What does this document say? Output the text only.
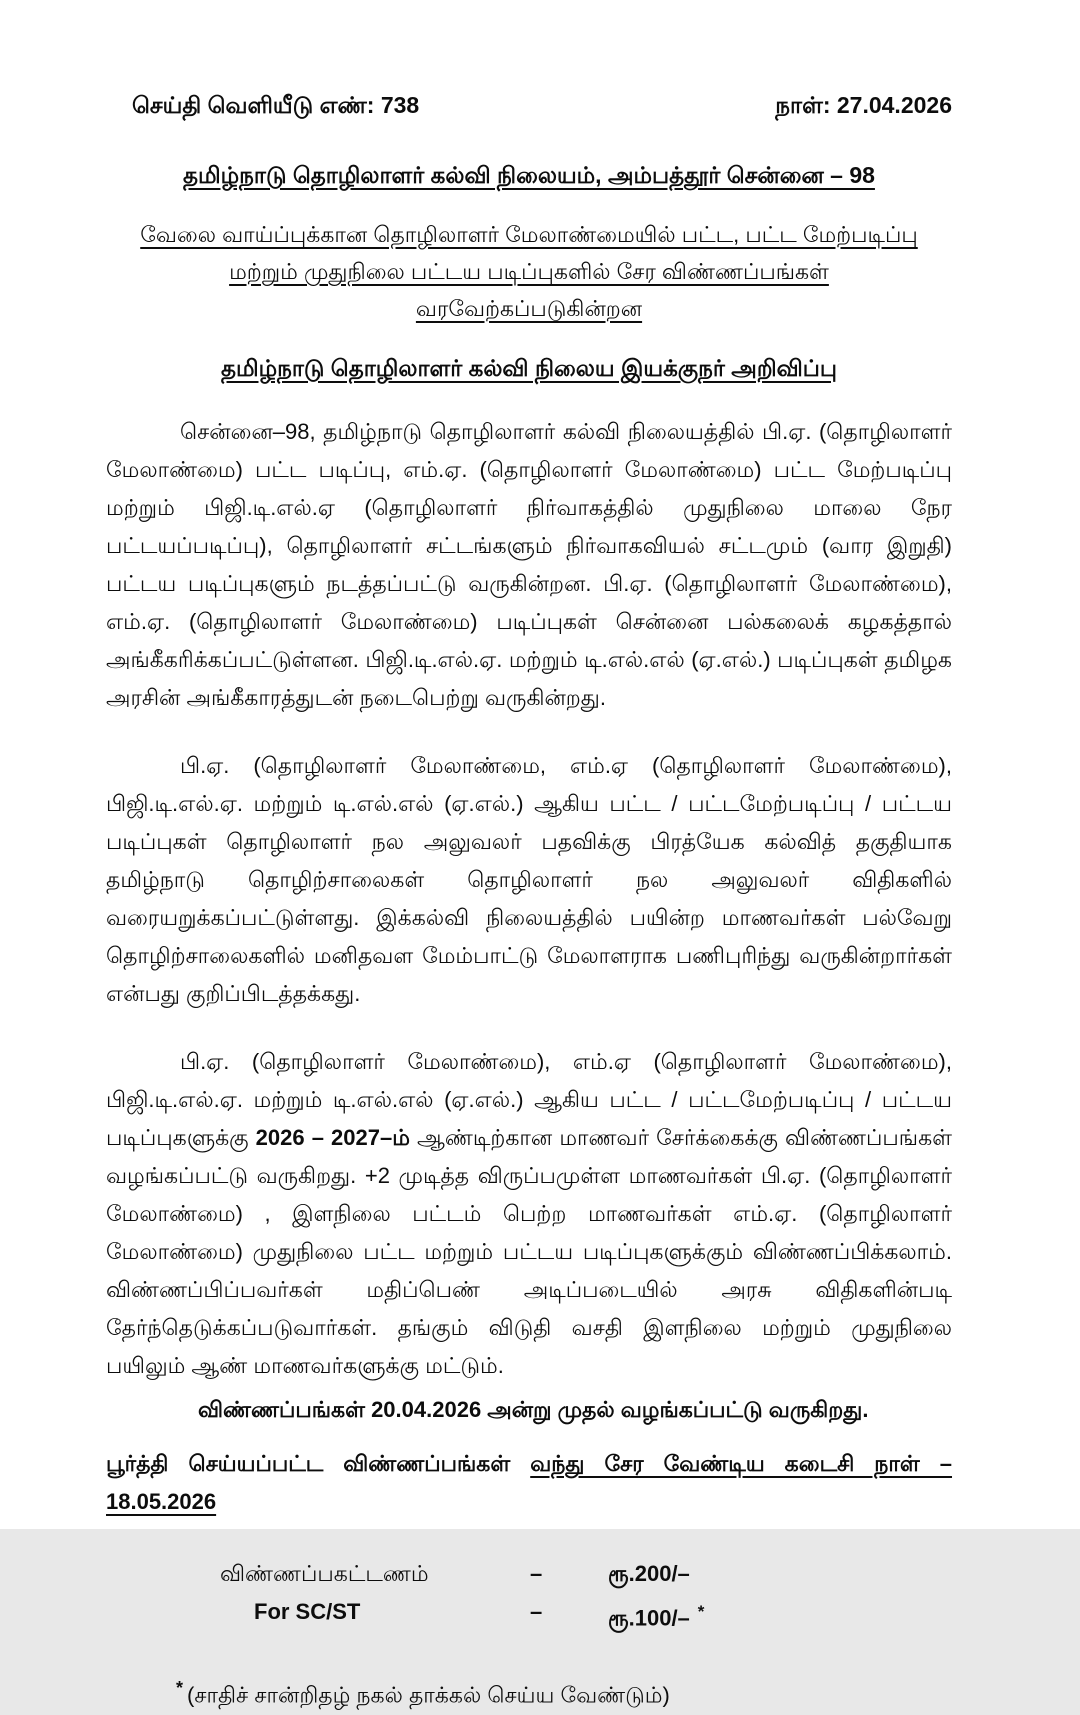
செய்தி வெளியீடு எண்: 738	நாள்: 27.04.2026
தமிழ்நாடு தொழிலாளர் கல்வி நிலையம், அம்பத்தூர் சென்னை – 98
வேலை வாய்ப்புக்கான தொழிலாளர் மேலாண்மையில் பட்ட, பட்ட மேற்படிப்பு
மற்றும் முதுநிலை பட்டய படிப்புகளில் சேர விண்ணப்பங்கள்
வரவேற்கப்படுகின்றன
தமிழ்நாடு தொழிலாளர் கல்வி நிலைய இயக்குநர் அறிவிப்பு

சென்னை–98, தமிழ்நாடு தொழிலாளர் கல்வி நிலையத்தில் பி.ஏ. (தொழிலாளர் மேலாண்மை) பட்ட படிப்பு, எம்.ஏ. (தொழிலாளர் மேலாண்மை) பட்ட மேற்படிப்பு மற்றும் பிஜி.டி.எல்.ஏ (தொழிலாளர் நிர்வாகத்தில் முதுநிலை மாலை நேர பட்டயப்படிப்பு), தொழிலாளர் சட்டங்களும் நிர்வாகவியல் சட்டமும் (வார இறுதி) பட்டய படிப்புகளும் நடத்தப்பட்டு வருகின்றன. பி.ஏ. (தொழிலாளர் மேலாண்மை), எம்.ஏ. (தொழிலாளர் மேலாண்மை) படிப்புகள் சென்னை பல்கலைக் கழகத்தால் அங்கீகரிக்கப்பட்டுள்ளன. பிஜி.டி.எல்.ஏ. மற்றும் டி.எல்.எல் (ஏ.எல்.) படிப்புகள் தமிழக அரசின் அங்கீகாரத்துடன் நடைபெற்று வருகின்றது.

பி.ஏ. (தொழிலாளர் மேலாண்மை, எம்.ஏ (தொழிலாளர் மேலாண்மை), பிஜி.டி.எல்.ஏ. மற்றும் டி.எல்.எல் (ஏ.எல்.) ஆகிய பட்ட / பட்டமேற்படிப்பு / பட்டய படிப்புகள் தொழிலாளர் நல அலுவலர் பதவிக்கு பிரத்யேக கல்வித் தகுதியாக தமிழ்நாடு தொழிற்சாலைகள் தொழிலாளர் நல அலுவலர் விதிகளில் வரையறுக்கப்பட்டுள்ளது. இக்கல்வி நிலையத்தில் பயின்ற மாணவர்கள் பல்வேறு தொழிற்சாலைகளில் மனிதவள மேம்பாட்டு மேலாளராக பணிபுரிந்து வருகின்றார்கள் என்பது குறிப்பிடத்தக்கது.

பி.ஏ. (தொழிலாளர் மேலாண்மை), எம்.ஏ (தொழிலாளர் மேலாண்மை), பிஜி.டி.எல்.ஏ. மற்றும் டி.எல்.எல் (ஏ.எல்.) ஆகிய பட்ட / பட்டமேற்படிப்பு / பட்டய படிப்புகளுக்கு 2026 – 2027–ம் ஆண்டிற்கான மாணவர் சேர்க்கைக்கு விண்ணப்பங்கள் வழங்கப்பட்டு வருகிறது. +2 முடித்த விருப்பமுள்ள மாணவர்கள் பி.ஏ. (தொழிலாளர் மேலாண்மை) , இளநிலை பட்டம் பெற்ற மாணவர்கள் எம்.ஏ. (தொழிலாளர் மேலாண்மை) முதுநிலை பட்ட மற்றும் பட்டய படிப்புகளுக்கும் விண்ணப்பிக்கலாம். விண்ணப்பிப்பவர்கள் மதிப்பெண் அடிப்படையில் அரசு விதிகளின்படி தேர்ந்தெடுக்கப்படுவார்கள். தங்கும் விடுதி வசதி இளநிலை மற்றும் முதுநிலை பயிலும் ஆண் மாணவர்களுக்கு மட்டும்.

விண்ணப்பங்கள் 20.04.2026 அன்று முதல் வழங்கப்பட்டு வருகிறது.
பூர்த்தி செய்யப்பட்ட விண்ணப்பங்கள் வந்து சேர வேண்டிய கடைசி நாள் – 18.05.2026
விண்ணப்பகட்டணம்	–	ரூ.200/–
For SC/ST	–	ரூ.100/– *
* (சாதிச் சான்றிதழ் நகல் தாக்கல் செய்ய வேண்டும்)
